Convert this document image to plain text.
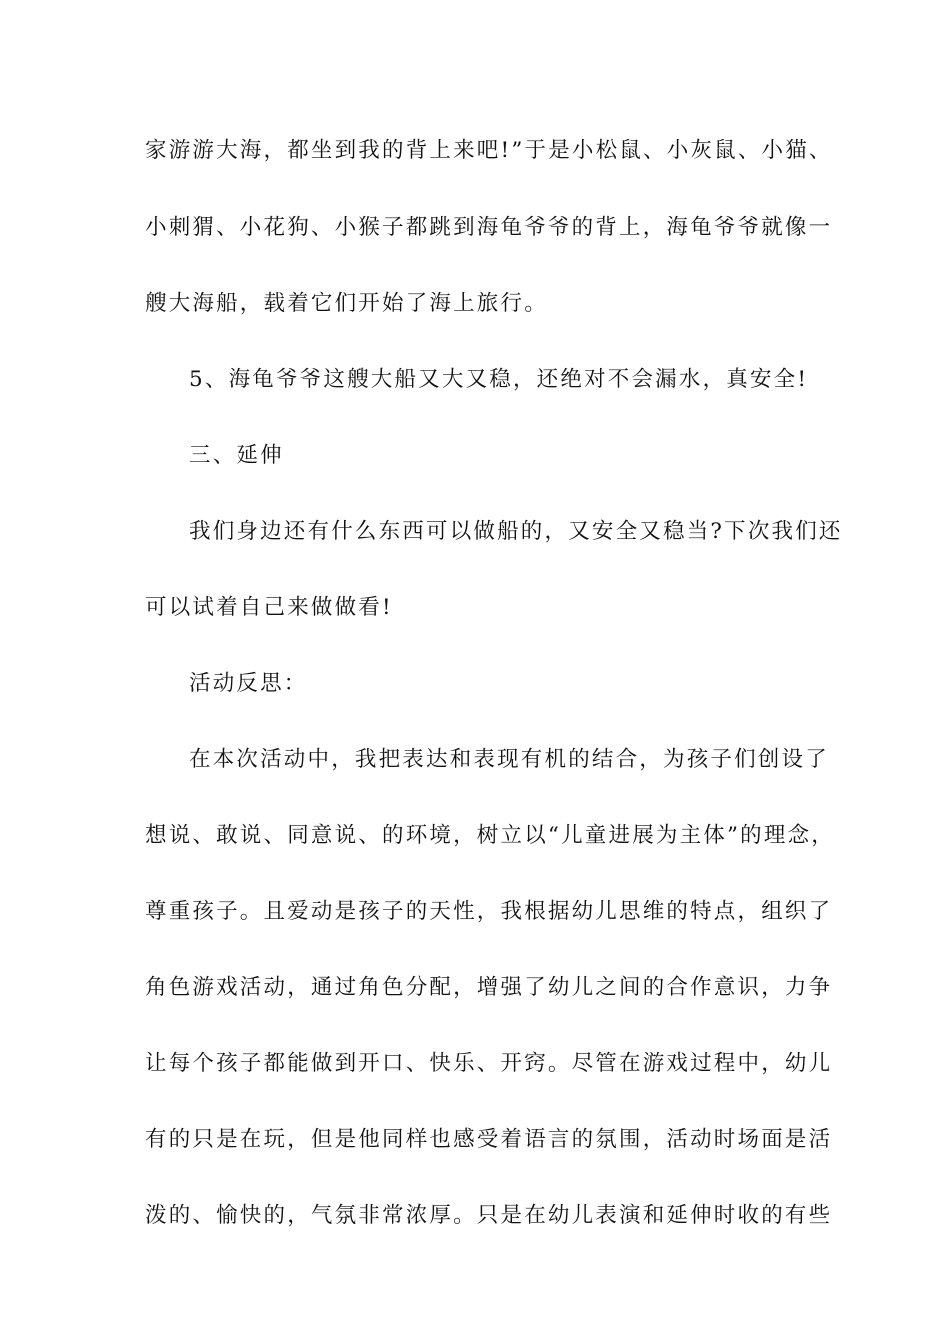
家游游大海，都坐到我的背上来吧!”于是小松鼠、小灰鼠、小猫、
小刺猬、小花狗、小猴子都跳到海龟爷爷的背上，海龟爷爷就像一
艘大海船，载着它们开始了海上旅行。
5、海龟爷爷这艘大船又大又稳，还绝对不会漏水，真安全!
三、延伸
我们身边还有什么东西可以做船的，又安全又稳当?下次我们还
可以试着自己来做做看!
活动反思：
在本次活动中，我把表达和表现有机的结合，为孩子们创设了
想说、敢说、同意说、的环境，树立以“儿童进展为主体”的理念，
尊重孩子。且爱动是孩子的天性，我根据幼儿思维的特点，组织了
角色游戏活动，通过角色分配，增强了幼儿之间的合作意识，力争
让每个孩子都能做到开口、快乐、开窍。尽管在游戏过程中，幼儿
有的只是在玩，但是他同样也感受着语言的氛围，活动时场面是活
泼的、愉快的，气氛非常浓厚。只是在幼儿表演和延伸时收的有些
